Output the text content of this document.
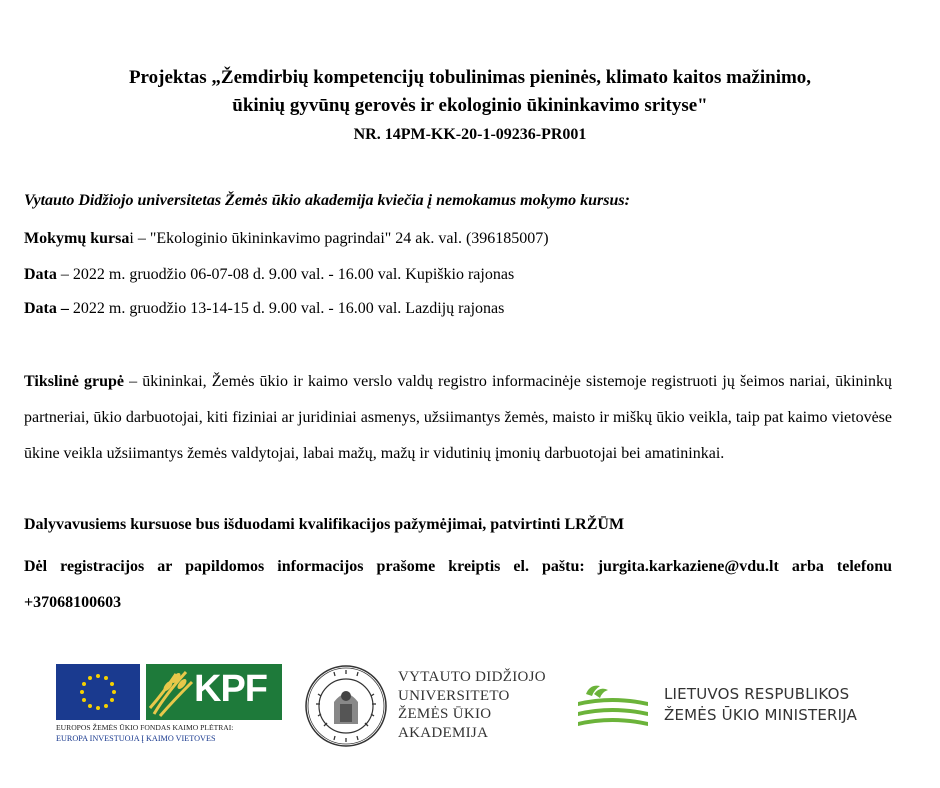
Projektas „Žemdirbių kompetencijų tobulinimas pieninės, klimato kaitos mažinimo,
ūkinių gyvūnų gerovės ir ekologinio ūkininkavimo srityse"
NR. 14PM-KK-20-1-09236-PR001
Vytauto Didžiojo universitetas Žemės ūkio akademija kviečia į nemokamus mokymo kursus:
Mokymų kursai – "Ekologinio ūkininkavimo pagrindai" 24 ak. val. (396185007)
Data – 2022 m. gruodžio 06-07-08 d. 9.00 val. - 16.00 val. Kupiškio rajonas
Data – 2022 m. gruodžio 13-14-15 d. 9.00 val. - 16.00 val. Lazdijų rajonas
Tikslinė grupė – ūkininkai, Žemės ūkio ir kaimo verslo valdų registro informacinėje sistemoje registruoti jų šeimos nariai, ūkininkų partneriai, ūkio darbuotojai, kiti fiziniai ar juridiniai asmenys, užsiimantys žemės, maisto ir miškų ūkio veikla, taip pat kaimo vietovėse ūkine veikla užsiimantys žemės valdytojai, labai mažų, mažų ir vidutinių įmonių darbuotojai bei amatininkai.
Dalyvavusiems kursuose bus išduodami kvalifikacijos pažymėjimai, patvirtinti LRŽŪM
Dėl registracijos ar papildomos informacijos prašome kreiptis el. paštu: jurgita.karkaziene@vdu.lt arba telefonu +37068100603
KPF
EUROPOS ŽEMĖS ŪKIO FONDAS KAIMO PLĖTRAI:
EUROPA INVESTUOJA Į KAIMO VIETOVES
VYTAUTO DIDŽIOJO
UNIVERSITETO
ŽEMĖS ŪKIO
AKADEMIJA
LIETUVOS RESPUBLIKOS
ŽEMĖS ŪKIO MINISTERIJA
